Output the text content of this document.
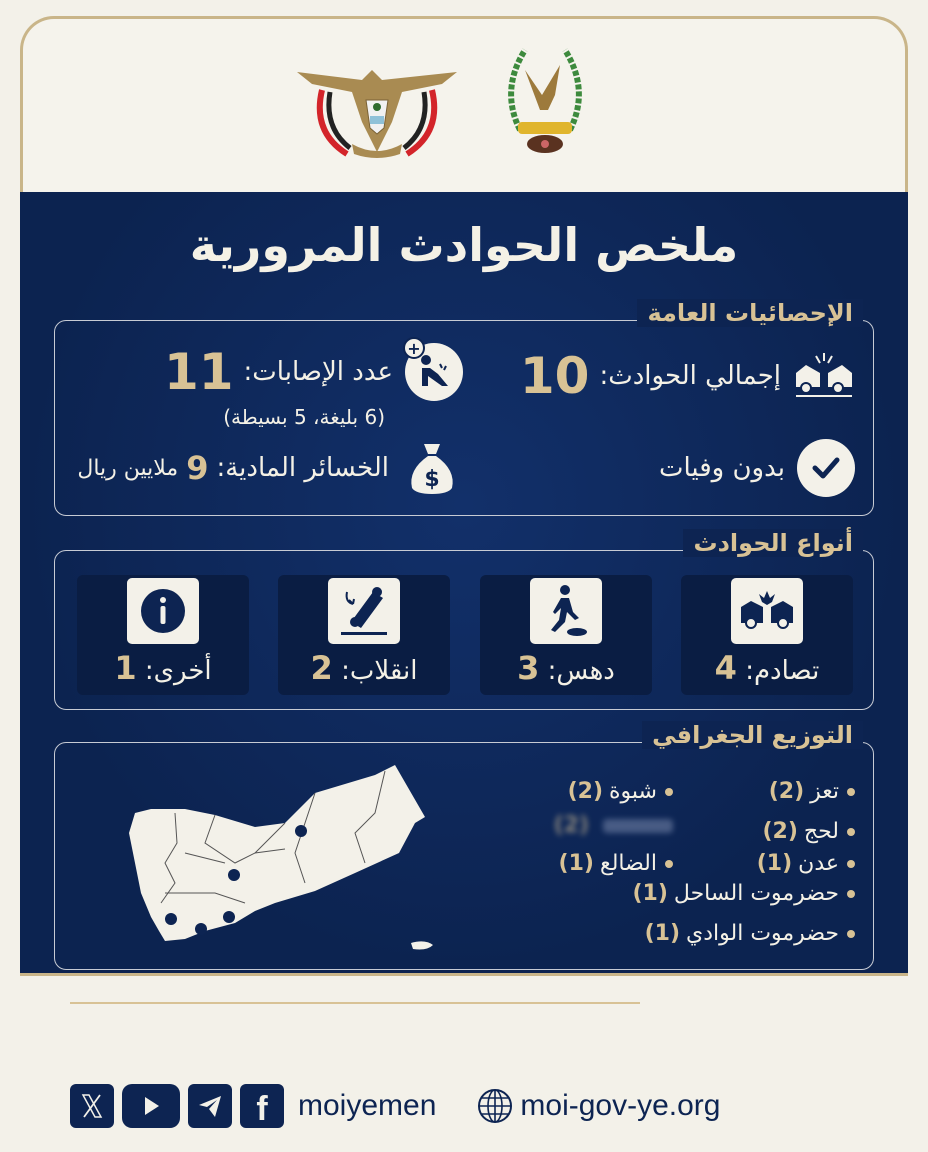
ملخص الحوادث المرورية
الإحصائيات العامة
إجمالي الحوادث:
10
+
عدد الإصابات:
11
(6 بليغة، 5 بسيطة)
بدون وفيات
$
الخسائر المادية:
9
ملايين ريال
أنواع الحوادث
تصادم: 4
دهس: 3
انقلاب: 2
أخرى: 1
التوزيع الجغرافي
تعز
(2)
شبوة
(2)
لحج
(2)
(2)
عدن
(1)
الضالع
(1)
حضرموت الساحل
(1)
حضرموت الوادي
(1)
f moiyemen	moi-gov-ye.org
